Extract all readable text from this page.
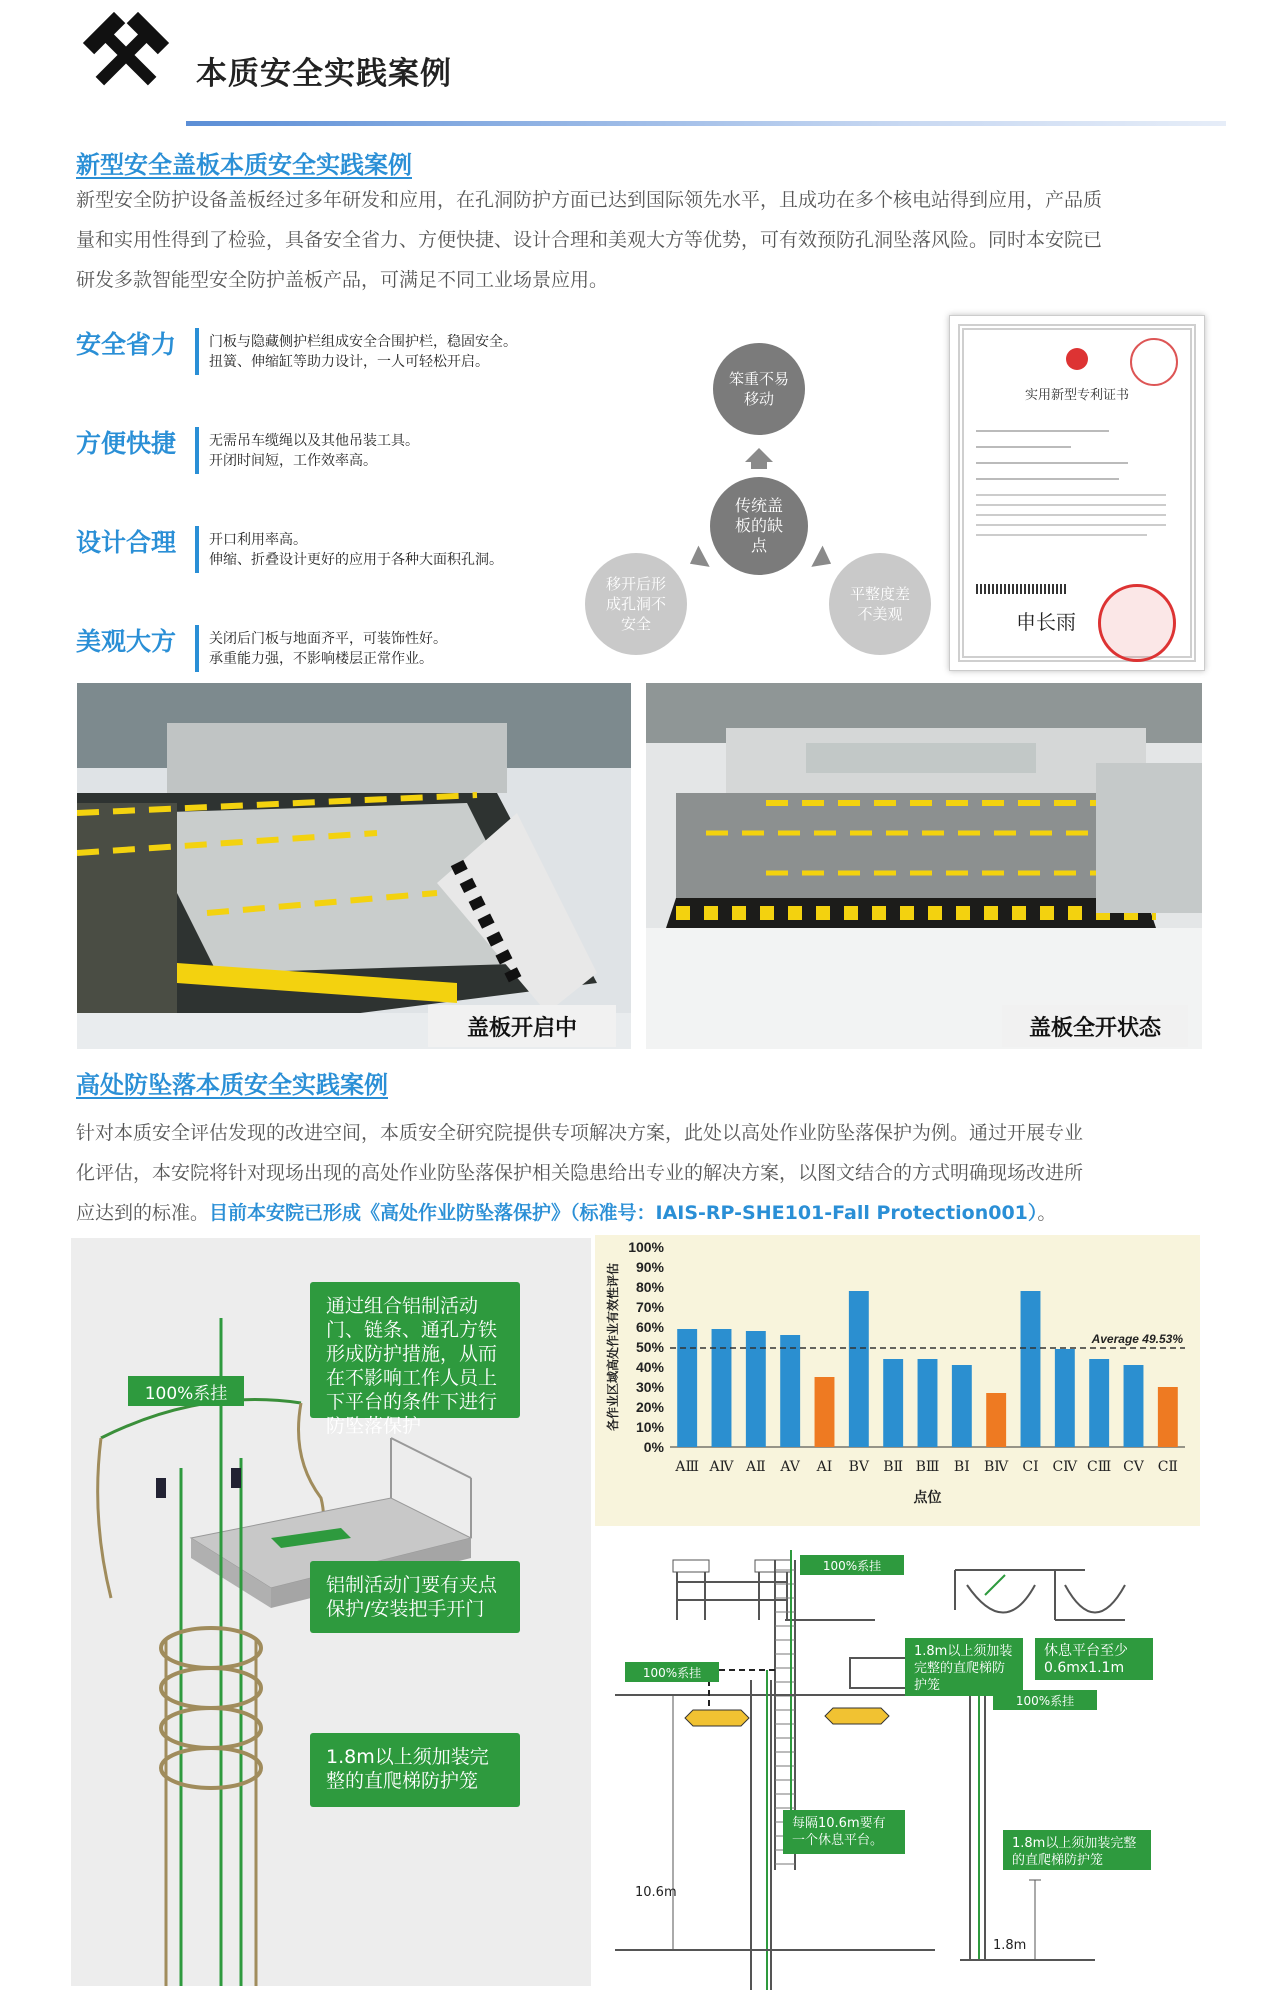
本质安全实践案例
新型安全盖板本质安全实践案例
新型安全防护设备盖板经过多年研发和应用，在孔洞防护方面已达到国际领先水平，且成功在多个核电站得到应用，产品质
量和实用性得到了检验，具备安全省力、方便快捷、设计合理和美观大方等优势，可有效预防孔洞坠落风险。同时本安院已
研发多款智能型安全防护盖板产品，可满足不同工业场景应用。
安全省力 门板与隐藏侧护栏组成安全合围护栏，稳固安全。
扭簧、伸缩缸等助力设计，一人可轻松开启。
方便快捷 无需吊车缆绳以及其他吊装工具。
开闭时间短，工作效率高。
设计合理 开口利用率高。
伸缩、折叠设计更好的应用于各种大面积孔洞。
美观大方 关闭后门板与地面齐平，可装饰性好。
承重能力强，不影响楼层正常作业。
笨重不易移动
传统盖板的缺点
移开后形成孔洞不安全
平整度差不美观
实用新型专利证书
申长雨
盖板开启中	盖板全开状态
高处防坠落本质安全实践案例
针对本质安全评估发现的改进空间，本质安全研究院提供专项解决方案，此处以高处作业防坠落保护为例。通过开展专业
化评估，本安院将针对现场出现的高处作业防坠落保护相关隐患给出专业的解决方案，以图文结合的方式明确现场改进所
应达到的标准。目前本安院已形成《高处作业防坠落保护》（标准号：IAIS-RP-SHE101-Fall Protection001）。
100%系挂
通过组合铝制活动门、链条、通孔方铁形成防护措施，从而在不影响工作人员上下平台的条件下进行防坠落保护
铝制活动门要有夹点保护/安装把手开门
1.8m以上须加装完整的直爬梯防护笼
0%
10%
20%
30%
40%
50%
60%
70%
80%
90%
100%
AⅢ AⅣ AⅡ AV AⅠ BV BⅡ BⅢ BⅠ BⅣ CⅠ CⅣ CⅢ CV CⅡ
Average 49.53%
点位
各作业区域高处作业有效性评估
100%系挂
100%系挂
每隔10.6m要有一个休息平台。
10.6m
1.8m以上须加装完整的直爬梯防护笼
休息平台至少0.6mx1.1m
100%系挂
1.8m以上须加装完整的直爬梯防护笼
1.8m
